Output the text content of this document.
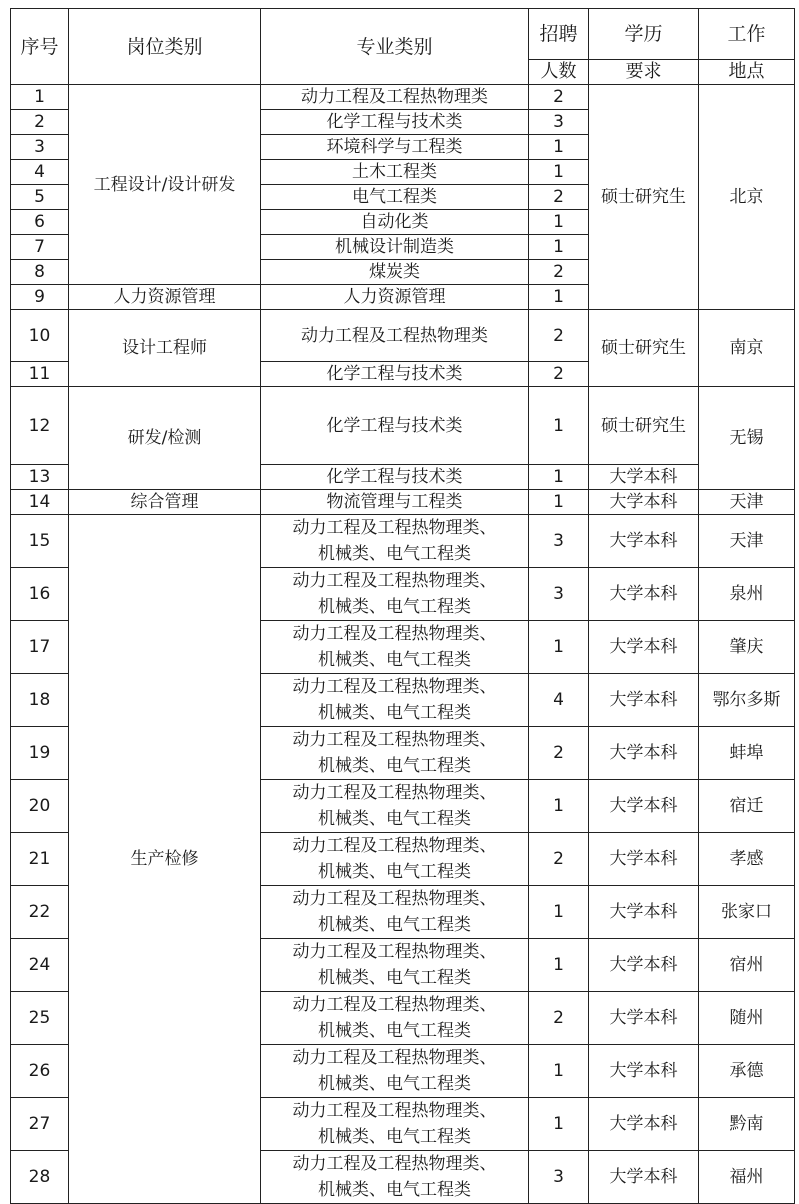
序号	岗位类别	专业类别	招聘	学历	工作
			人数	要求	地点
1	工程设计/设计研发	动力工程及工程热物理类	2	硕士研究生	北京
2		化学工程与技术类	3		
3		环境科学与工程类	1		
4		土木工程类	1		
5		电气工程类	2		
6		自动化类	1		
7		机械设计制造类	1		
8		煤炭类	2		
9	人力资源管理	人力资源管理	1		
10	设计工程师	动力工程及工程热物理类	2	硕士研究生	南京
11		化学工程与技术类	2		
12	研发/检测	化学工程与技术类	1	硕士研究生	无锡
13		化学工程与技术类	1	大学本科	
14	综合管理	物流管理与工程类	1	大学本科	天津
15	生产检修	动力工程及工程热物理类、
机械类、电气工程类	3	大学本科	天津
16		动力工程及工程热物理类、
机械类、电气工程类	3	大学本科	泉州
17		动力工程及工程热物理类、
机械类、电气工程类	1	大学本科	肇庆
18		动力工程及工程热物理类、
机械类、电气工程类	4	大学本科	鄂尔多斯
19		动力工程及工程热物理类、
机械类、电气工程类	2	大学本科	蚌埠
20		动力工程及工程热物理类、
机械类、电气工程类	1	大学本科	宿迁
21		动力工程及工程热物理类、
机械类、电气工程类	2	大学本科	孝感
22		动力工程及工程热物理类、
机械类、电气工程类	1	大学本科	张家口
24		动力工程及工程热物理类、
机械类、电气工程类	1	大学本科	宿州
25		动力工程及工程热物理类、
机械类、电气工程类	2	大学本科	随州
26		动力工程及工程热物理类、
机械类、电气工程类	1	大学本科	承德
27		动力工程及工程热物理类、
机械类、电气工程类	1	大学本科	黔南
28		动力工程及工程热物理类、
机械类、电气工程类	3	大学本科	福州
